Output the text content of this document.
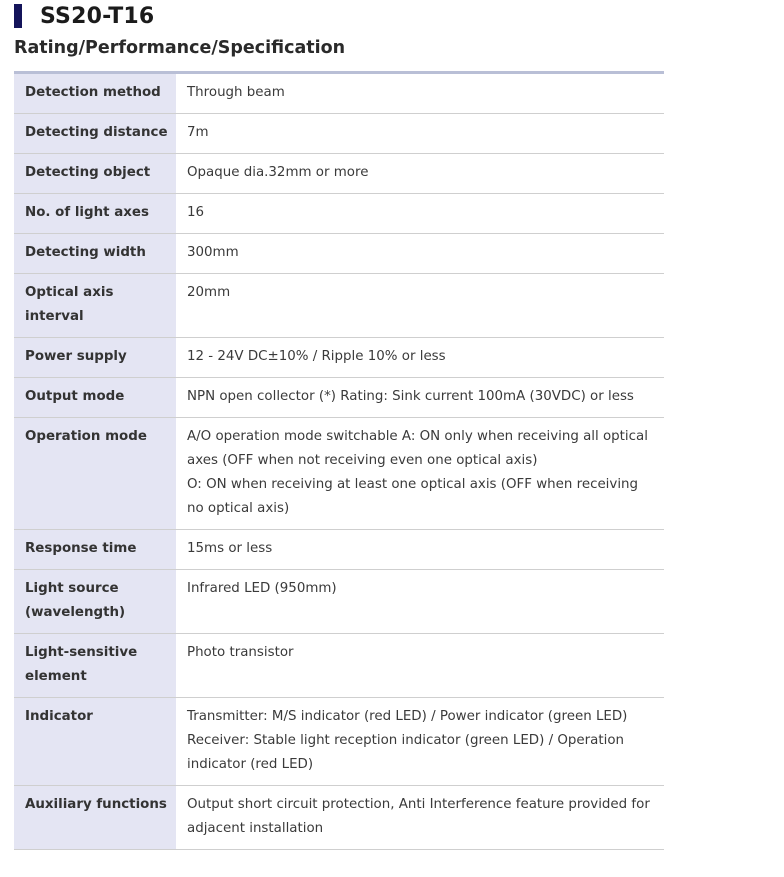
SS20-T16
Rating/Performance/Specification
Detection method	Through beam

Detecting distance	7m

Detecting object	Opaque dia.32mm or more

No. of light axes	16

Detecting width	300mm

Optical axis interval	20mm

Power supply	12 - 24V DC±10% / Ripple 10% or less

Output mode	NPN open collector (*) Rating: Sink current 100mA (30VDC) or less

Operation mode	A/O operation mode switchable A: ON only when receiving all optical axes (OFF when not receiving even one optical axis)
O: ON when receiving at least one optical axis (OFF when receiving no optical axis)

Response time	15ms or less

Light source (wavelength)	Infrared LED (950mm)

Light-sensitive element	Photo transistor

Indicator	Transmitter: M/S indicator (red LED) / Power indicator (green LED)
Receiver: Stable light reception indicator (green LED) / Operation indicator (red LED)

Auxiliary functions	Output short circuit protection, Anti Interference feature provided for adjacent installation
